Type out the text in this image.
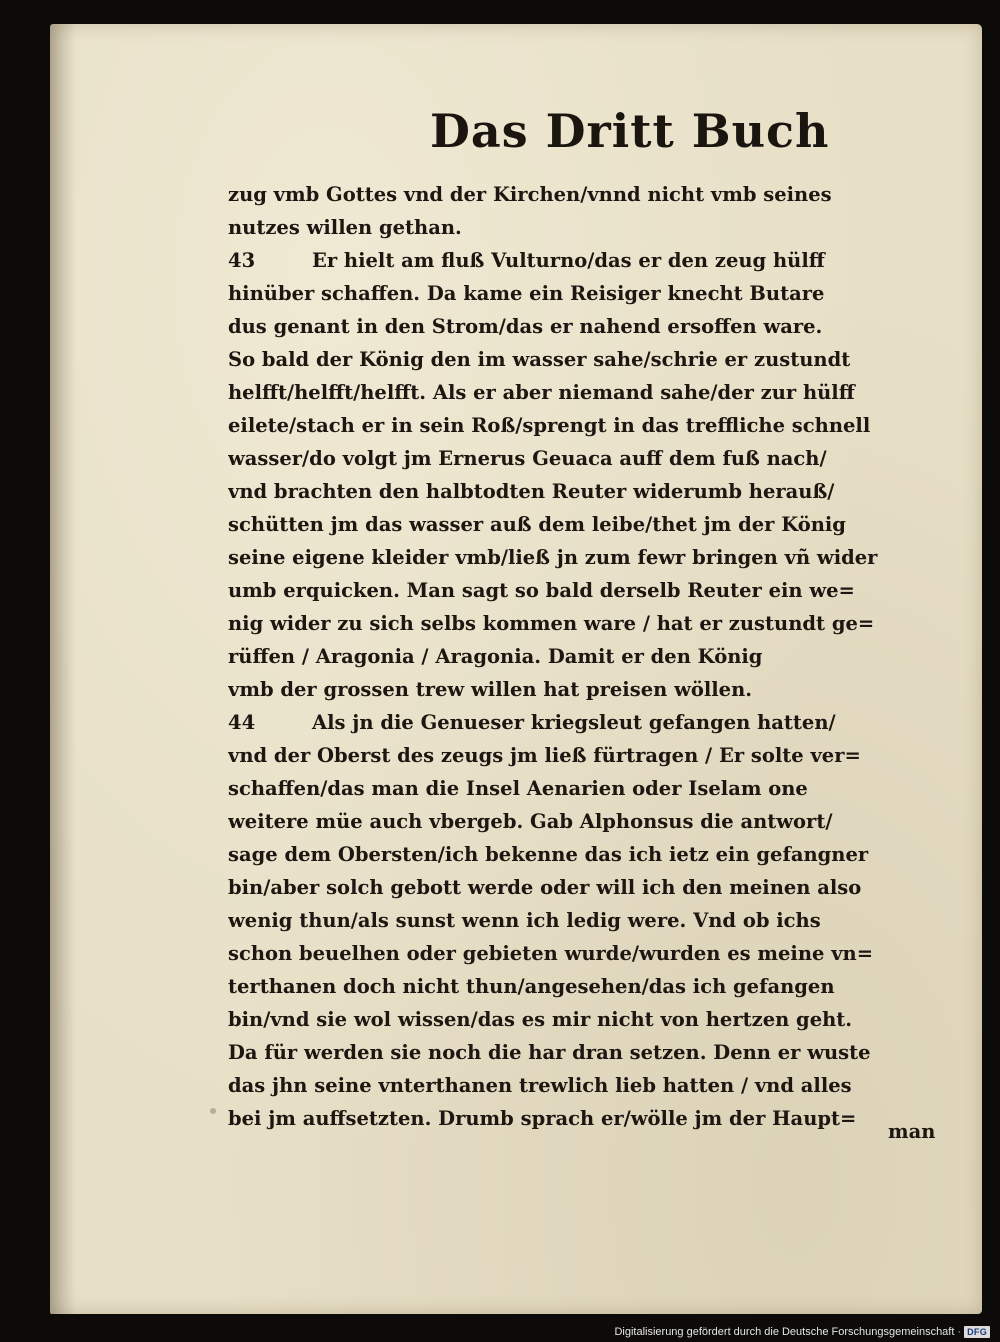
Das Dritt Buch
zug vmb Gottes vnd der Kirchen/vnnd nicht vmb seines
nutzes willen gethan.
43	Er hielt am fluß Vulturno/das er den zeug hülff
hinüber schaffen. Da kame ein Reisiger knecht Butare
dus genant in den Strom/das er nahend ersoffen ware.
So bald der König den im wasser sahe/schrie er zustundt
helfft/helfft/helfft. Als er aber niemand sahe/der zur hülff
eilete/stach er in sein Roß/sprengt in das treffliche schnell
wasser/do volgt jm Ernerus Geuaca auff dem fuß nach/
vnd brachten den halbtodten Reuter widerumb herauß/
schütten jm das wasser auß dem leibe/thet jm der König
seine eigene kleider vmb/ließ jn zum fewr bringen vñ wider
umb erquicken. Man sagt so bald derselb Reuter ein we=
nig wider zu sich selbs kommen ware / hat er zustundt ge=
rüffen / Aragonia / Aragonia. Damit er den König
vmb der grossen trew willen hat preisen wöllen.
44	Als jn die Genueser kriegsleut gefangen hatten/
vnd der Oberst des zeugs jm ließ fürtragen / Er solte ver=
schaffen/das man die Insel Aenarien oder Iselam one
weitere müe auch vbergeb. Gab Alphonsus die antwort/
sage dem Obersten/ich bekenne das ich ietz ein gefangner
bin/aber solch gebott werde oder will ich den meinen also
wenig thun/als sunst wenn ich ledig were. Vnd ob ichs
schon beuelhen oder gebieten wurde/wurden es meine vn=
terthanen doch nicht thun/angesehen/das ich gefangen
bin/vnd sie wol wissen/das es mir nicht von hertzen geht.
Da für werden sie noch die har dran setzen. Denn er wuste
das jhn seine vnterthanen trewlich lieb hatten / vnd alles
bei jm auffsetzten. Drumb sprach er/wölle jm der Haupt=
man
Digitalisierung gefördert durch die Deutsche Forschungsgemeinschaft · DFG
